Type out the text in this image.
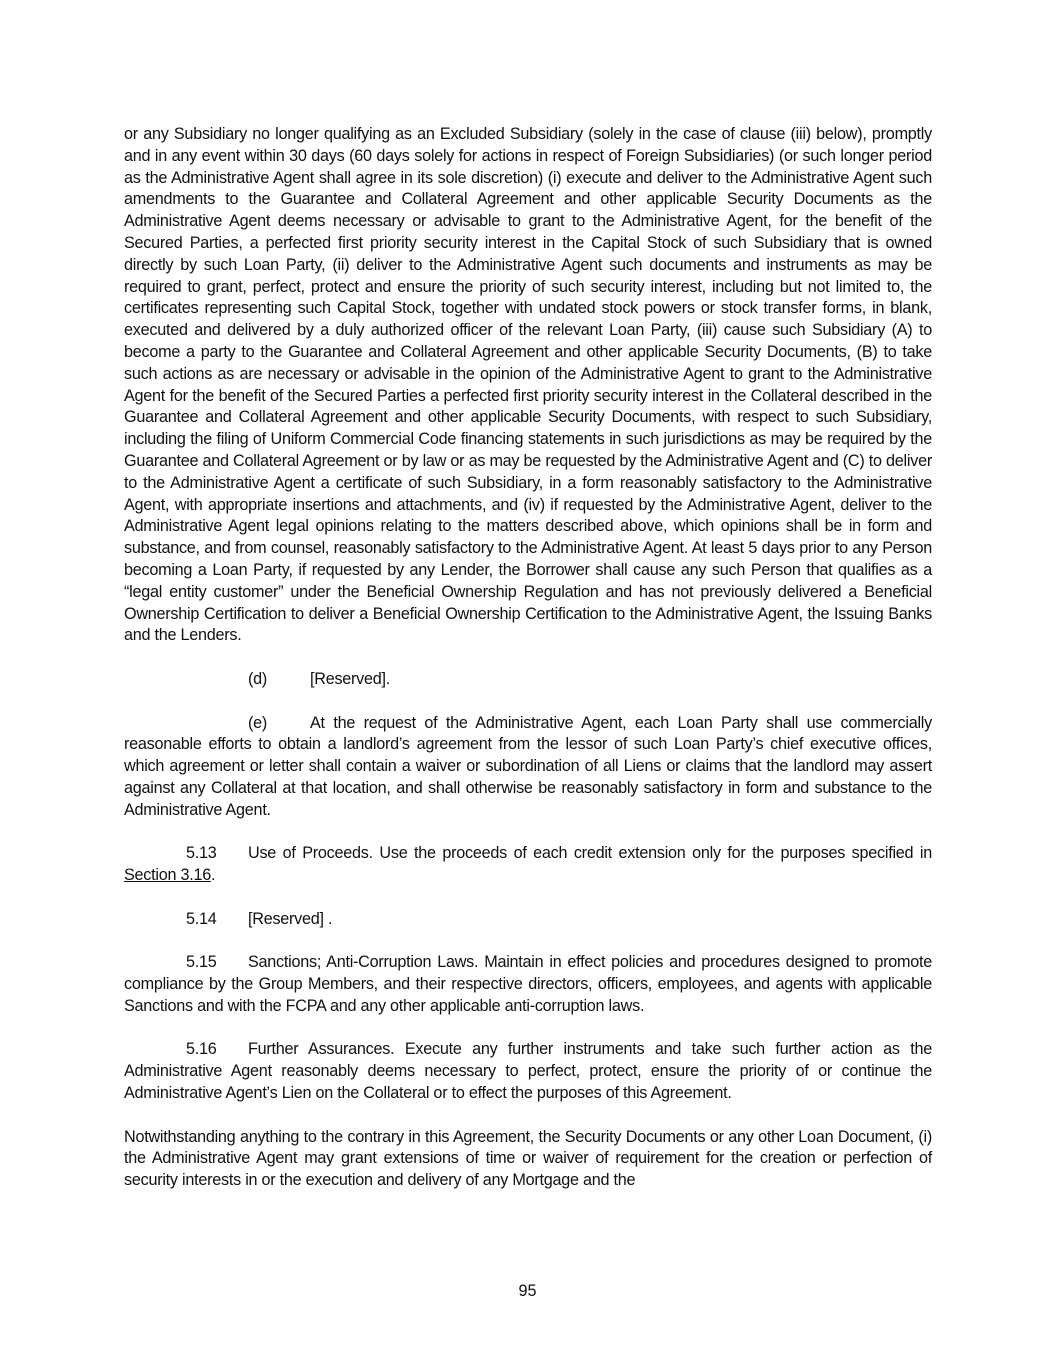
or any Subsidiary no longer qualifying as an Excluded Subsidiary (solely in the case of clause (iii) below), promptly and in any event within 30 days (60 days solely for actions in respect of Foreign Subsidiaries) (or such longer period as the Administrative Agent shall agree in its sole discretion) (i) execute and deliver to the Administrative Agent such amendments to the Guarantee and Collateral Agreement and other applicable Security Documents as the Administrative Agent deems necessary or advisable to grant to the Administrative Agent, for the benefit of the Secured Parties, a perfected first priority security interest in the Capital Stock of such Subsidiary that is owned directly by such Loan Party, (ii) deliver to the Administrative Agent such documents and instruments as may be required to grant, perfect, protect and ensure the priority of such security interest, including but not limited to, the certificates representing such Capital Stock, together with undated stock powers or stock transfer forms, in blank, executed and delivered by a duly authorized officer of the relevant Loan Party, (iii) cause such Subsidiary (A) to become a party to the Guarantee and Collateral Agreement and other applicable Security Documents, (B) to take such actions as are necessary or advisable in the opinion of the Administrative Agent to grant to the Administrative Agent for the benefit of the Secured Parties a perfected first priority security interest in the Collateral described in the Guarantee and Collateral Agreement and other applicable Security Documents, with respect to such Subsidiary, including the filing of Uniform Commercial Code financing statements in such jurisdictions as may be required by the Guarantee and Collateral Agreement or by law or as may be requested by the Administrative Agent and (C) to deliver to the Administrative Agent a certificate of such Subsidiary, in a form reasonably satisfactory to the Administrative Agent, with appropriate insertions and attachments, and (iv) if requested by the Administrative Agent, deliver to the Administrative Agent legal opinions relating to the matters described above, which opinions shall be in form and substance, and from counsel, reasonably satisfactory to the Administrative Agent. At least 5 days prior to any Person becoming a Loan Party, if requested by any Lender, the Borrower shall cause any such Person that qualifies as a “legal entity customer” under the Beneficial Ownership Regulation and has not previously delivered a Beneficial Ownership Certification to deliver a Beneficial Ownership Certification to the Administrative Agent, the Issuing Banks and the Lenders.

(d)	[Reserved].

(e)	At the request of the Administrative Agent, each Loan Party shall use commercially reasonable efforts to obtain a landlord’s agreement from the lessor of such Loan Party’s chief executive offices, which agreement or letter shall contain a waiver or subordination of all Liens or claims that the landlord may assert against any Collateral at that location, and shall otherwise be reasonably satisfactory in form and substance to the Administrative Agent.

5.13 Use of Proceeds. Use the proceeds of each credit extension only for the purposes specified in Section 3.16.

5.14 [Reserved] .

5.15 Sanctions; Anti-Corruption Laws. Maintain in effect policies and procedures designed to promote compliance by the Group Members, and their respective directors, officers, employees, and agents with applicable Sanctions and with the FCPA and any other applicable anti-corruption laws.

5.16 Further Assurances. Execute any further instruments and take such further action as the Administrative Agent reasonably deems necessary to perfect, protect, ensure the priority of or continue the Administrative Agent’s Lien on the Collateral or to effect the purposes of this Agreement.

Notwithstanding anything to the contrary in this Agreement, the Security Documents or any other Loan Document, (i) the Administrative Agent may grant extensions of time or waiver of requirement for the creation or perfection of security interests in or the execution and delivery of any Mortgage and the

95
